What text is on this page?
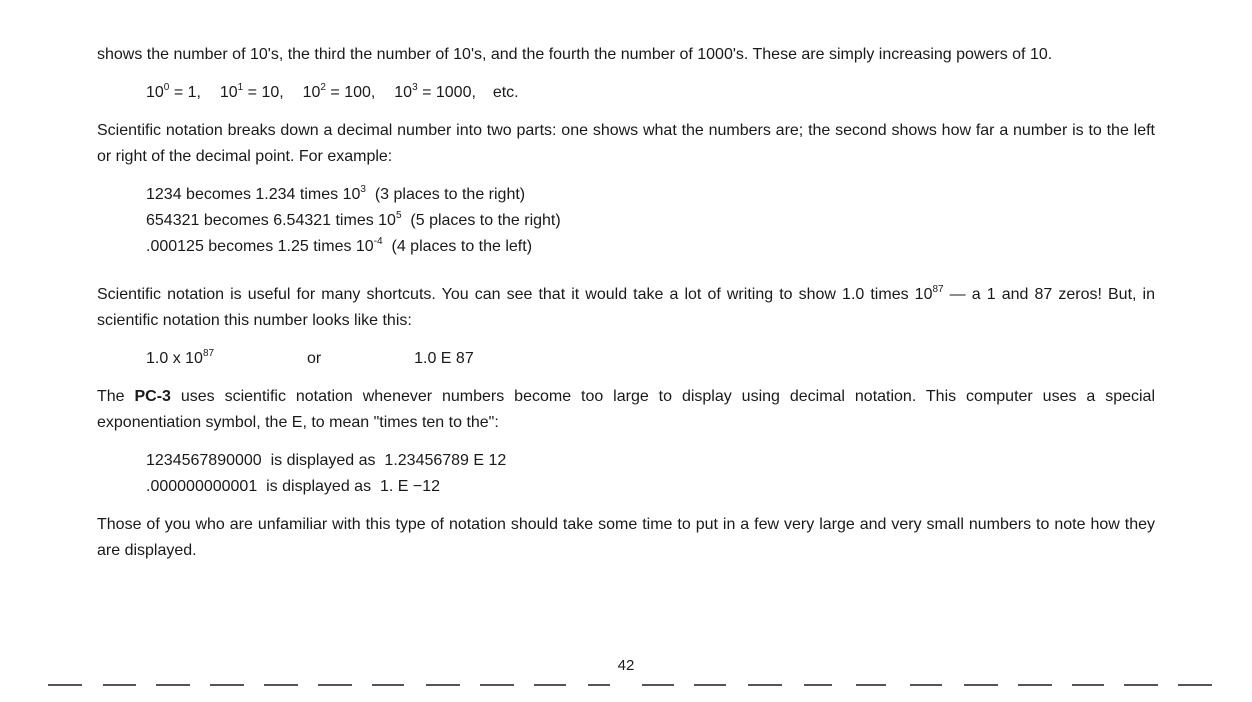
shows the number of 10's, the third the number of 10's, and the fourth the number of 1000's. These are simply increasing powers of 10.

$10^0 = 1$, $10^1 = 10$, $10^2 = 100$, $10^3 = 1000$, etc.

Scientific notation breaks down a decimal number into two parts: one shows what the numbers are; the second shows how far a number is to the left or right of the decimal point. For example:

1234 becomes 1.234 times $10^3$ (3 places to the right)
654321 becomes 6.54321 times $10^5$ (5 places to the right)
.000125 becomes 1.25 times $10^{-4}$ (4 places to the left)

Scientific notation is useful for many shortcuts. You can see that it would take a lot of writing to show 1.0 times $10^{87}$ — a 1 and 87 zeros! But, in scientific notation this number looks like this:

1.0 x $10^{87}$	or	1.0 E 87

The PC-3 uses scientific notation whenever numbers become too large to display using decimal notation. This computer uses a special exponentiation symbol, the E, to mean "times ten to the":

1234567890000 is displayed as 1.23456789 E 12
.000000000001 is displayed as 1. E −12

Those of you who are unfamiliar with this type of notation should take some time to put in a few very large and very small numbers to note how they are displayed.

42
